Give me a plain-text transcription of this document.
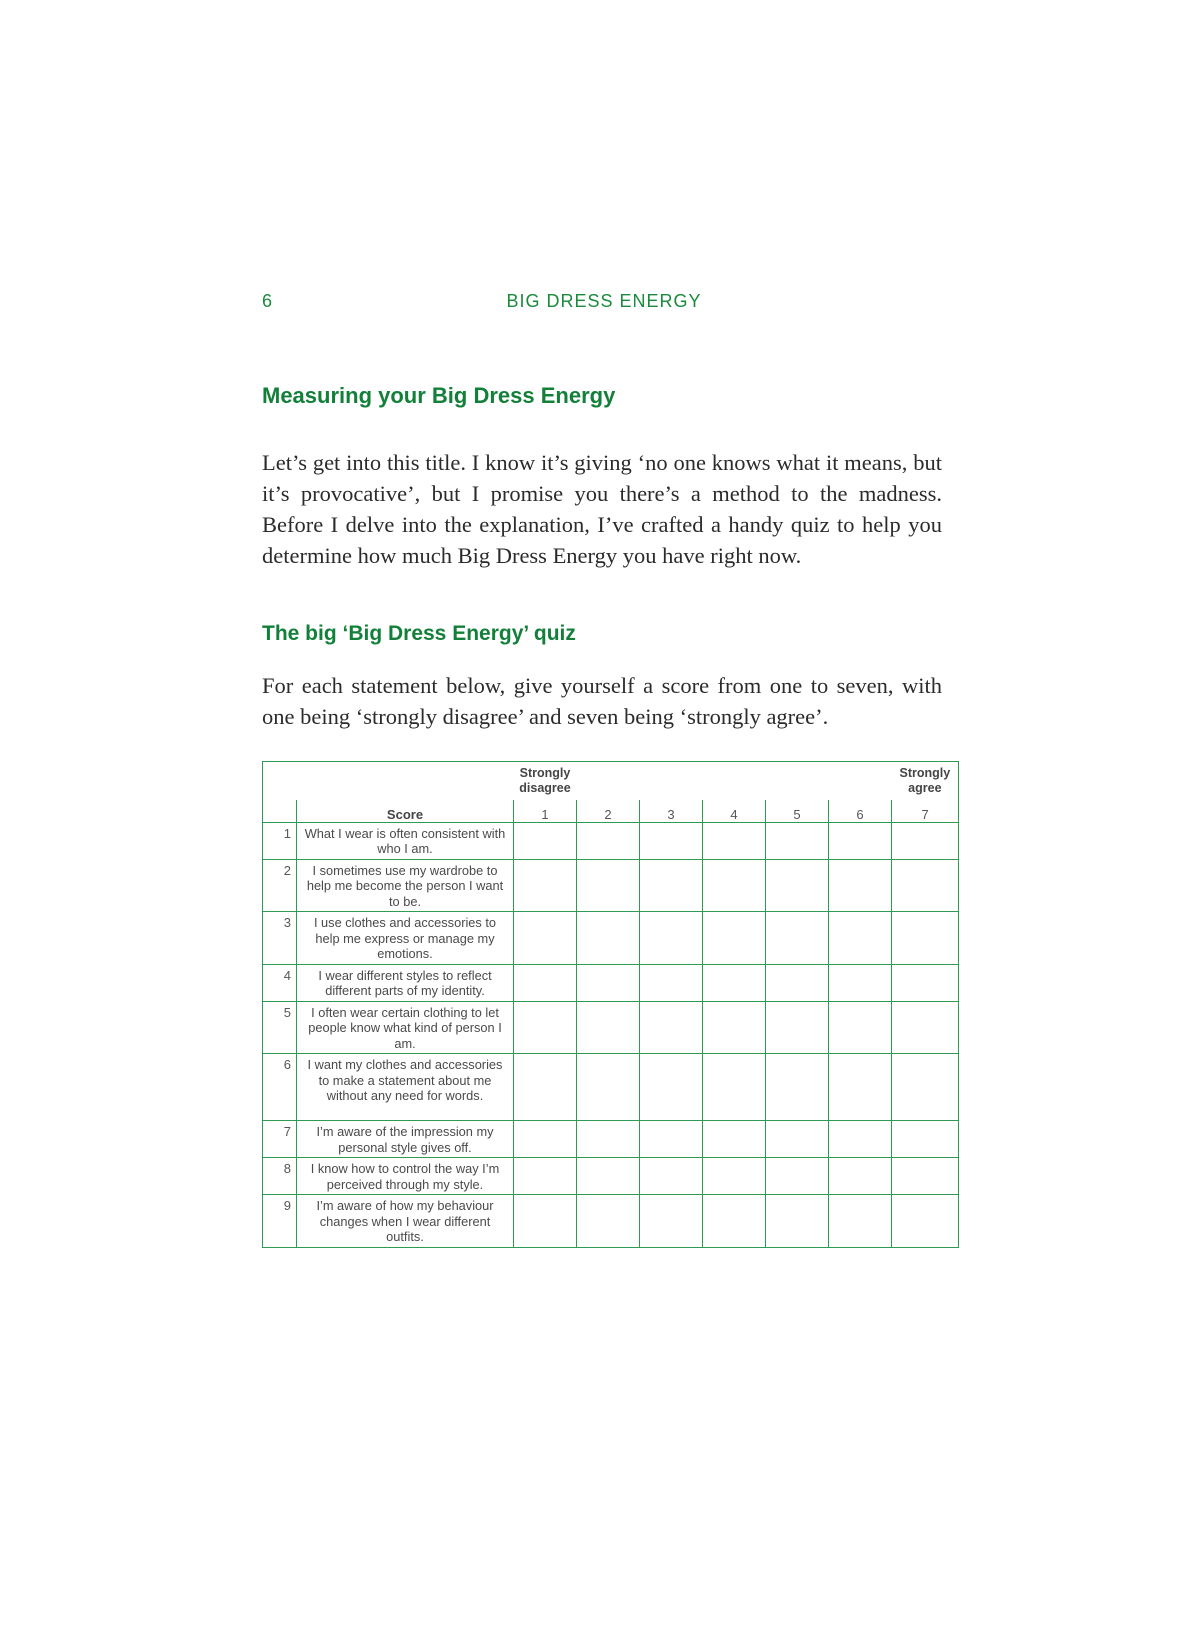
6	BIG DRESS ENERGY
Measuring your Big Dress Energy
Let’s get into this title. I know it’s giving ‘no one knows what it means, but it’s provocative’, but I promise you there’s a method to the madness. Before I delve into the explanation, I’ve crafted a handy quiz to help you determine how much Big Dress Energy you have right now.
The big ‘Big Dress Energy’ quiz
For each statement below, give yourself a score from one to seven, with one being ‘strongly disagree’ and seven being ‘strongly agree’.
		Strongly disagree						Strongly agree
	Score	1	2	3	4	5	6	7
1	What I wear is often consistent with who I am.							
2	I sometimes use my wardrobe to help me become the person I want to be.							
3	I use clothes and accessories to help me express or manage my emotions.							
4	I wear different styles to reflect different parts of my identity.							
5	I often wear certain clothing to let people know what kind of person I am.							
6	I want my clothes and accessories to make a statement about me without any need for words.							
7	I’m aware of the impression my personal style gives off.							
8	I know how to control the way I’m perceived through my style.							
9	I’m aware of how my behaviour changes when I wear different outfits.							
